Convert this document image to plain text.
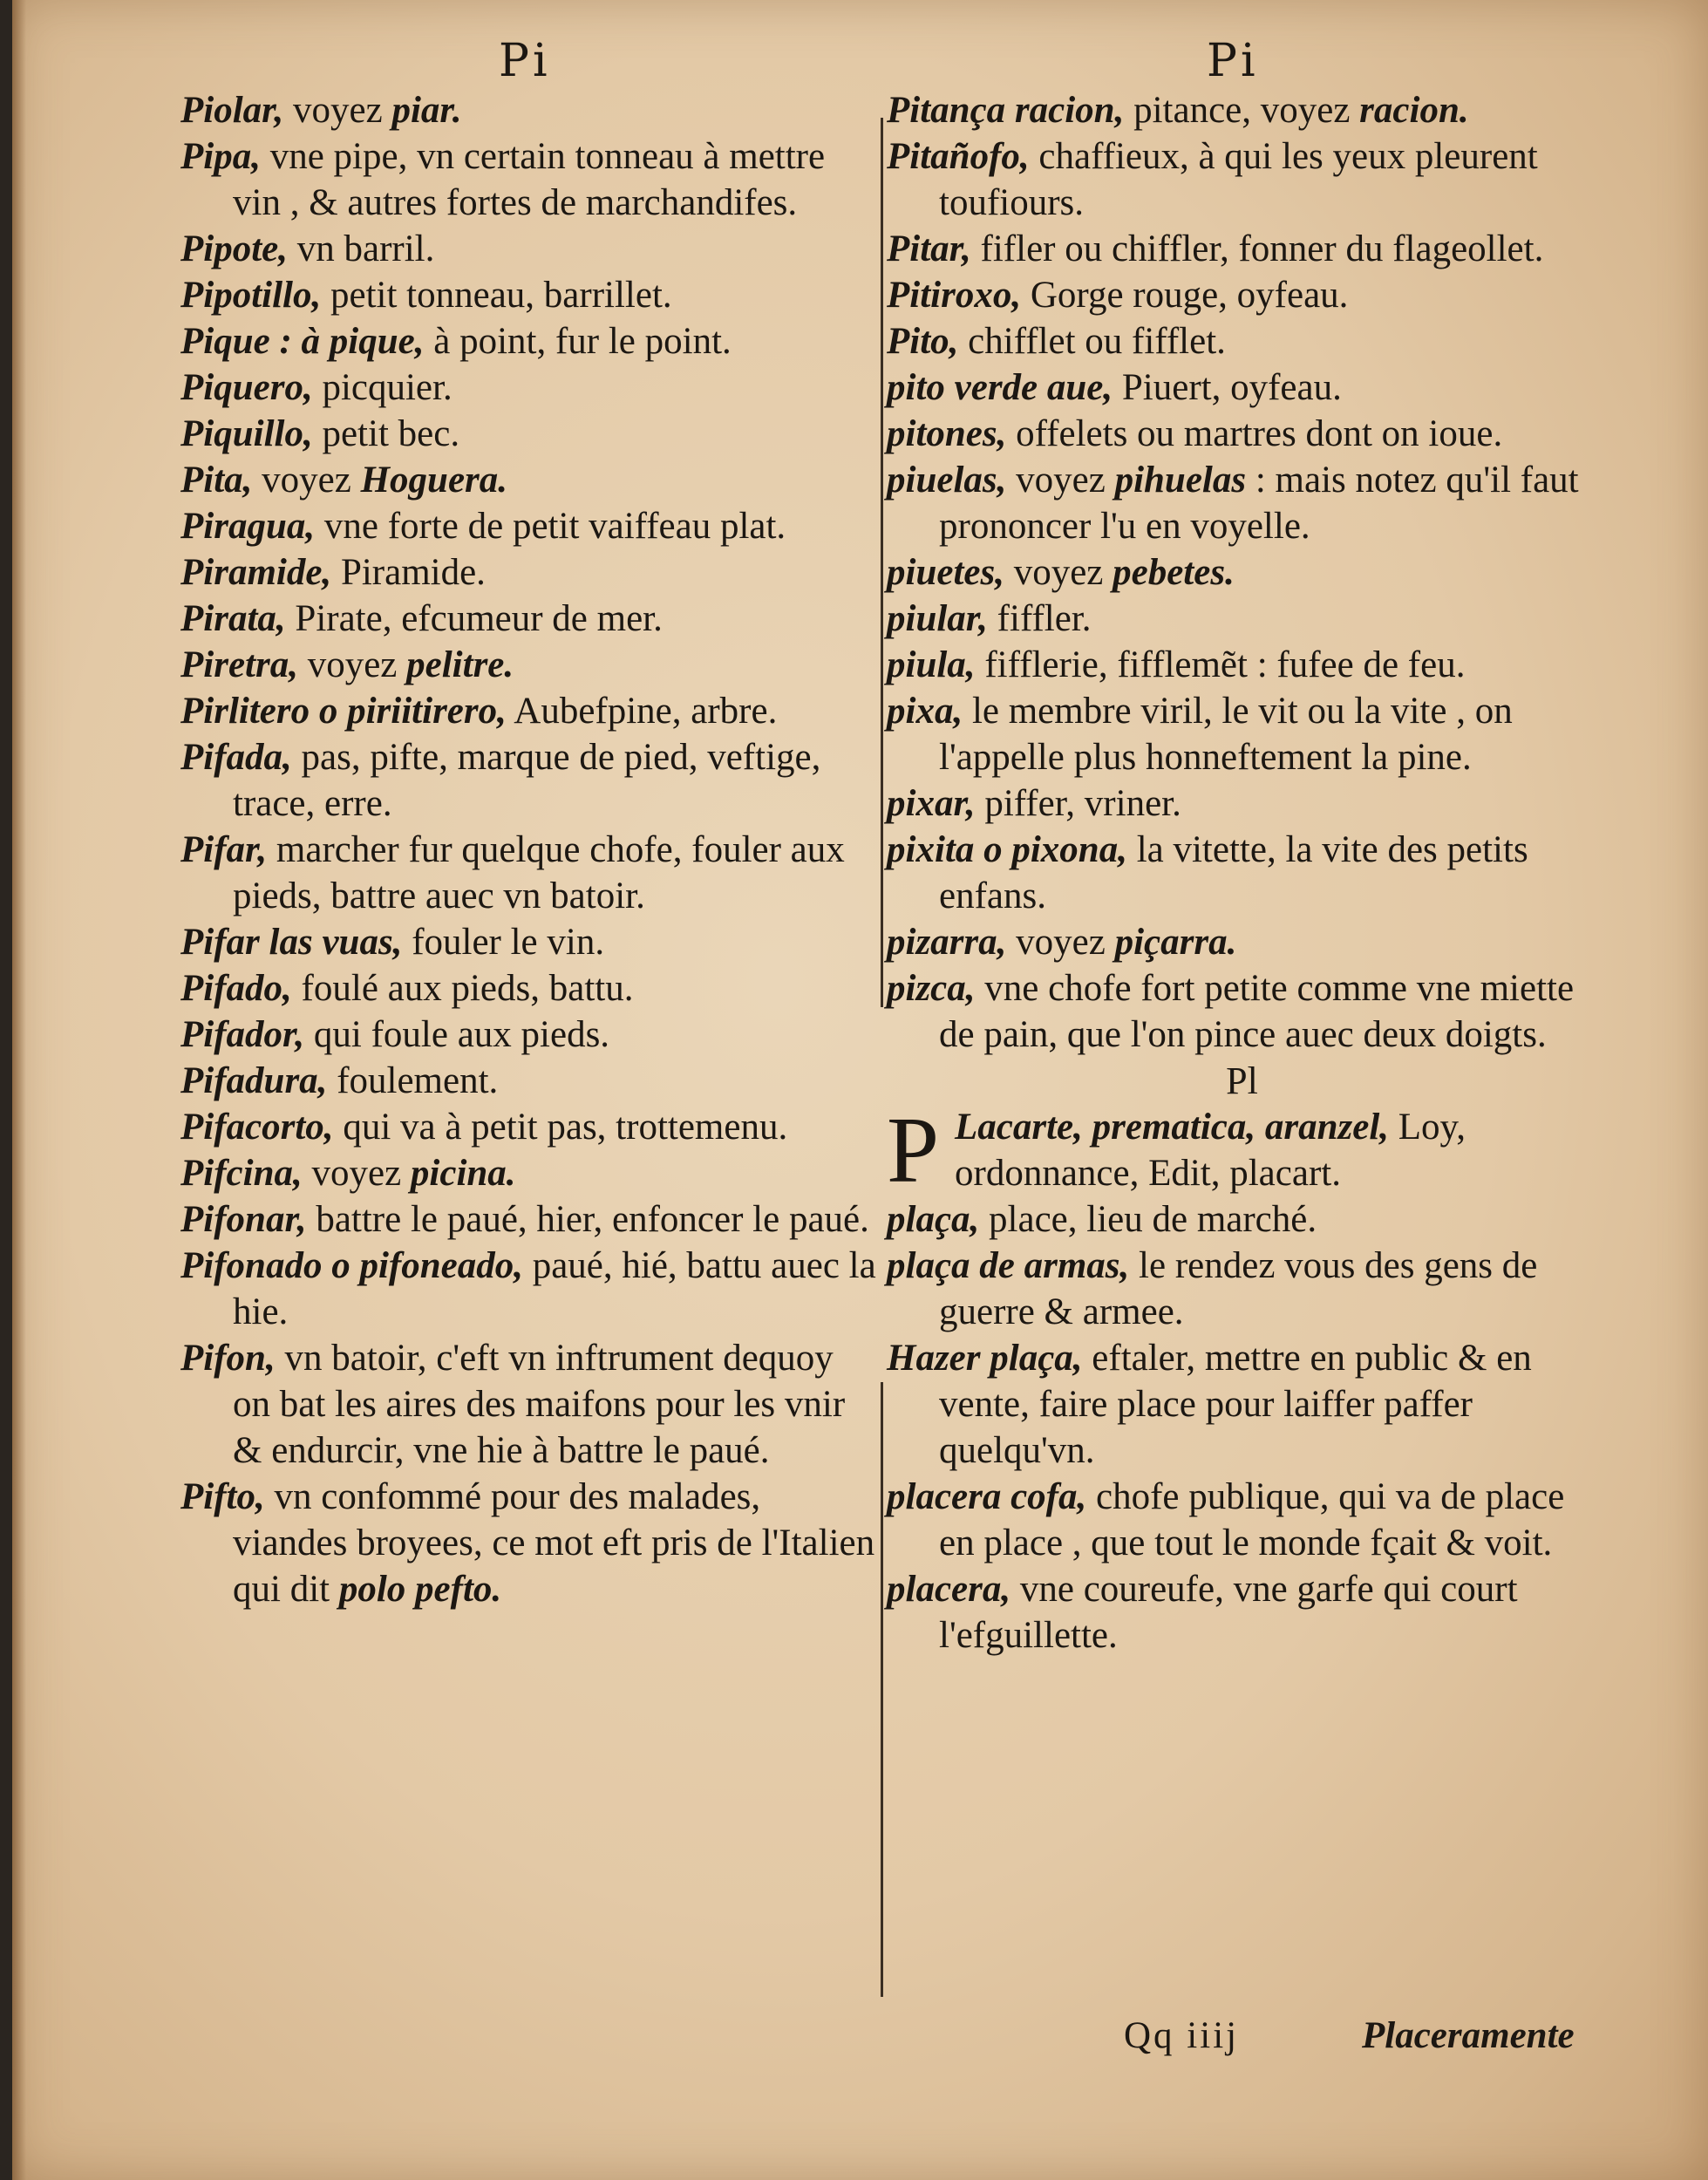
Pi	Pi
Piolar, voyez piar.
Pipa, vne pipe, vn certain tonneau à mettre vin , & autres fortes de marchandifes.
Pipote, vn barril.
Pipotillo, petit tonneau, barrillet.
Pique : à pique, à point, fur le point.
Piquero, picquier.
Piquillo, petit bec.
Pita, voyez Hoguera.
Piragua, vne forte de petit vaiffeau plat.
Piramide, Piramide.
Pirata, Pirate, efcumeur de mer.
Piretra, voyez pelitre.
Pirlitero o piriitirero, Aubefpine, arbre.
Pifada, pas, pifte, marque de pied, veftige, trace, erre.
Pifar, marcher fur quelque chofe, fouler aux pieds, battre auec vn batoir.
Pifar las vuas, fouler le vin.
Pifado, foulé aux pieds, battu.
Pifador, qui foule aux pieds.
Pifadura, foulement.
Pifacorto, qui va à petit pas, trottemenu.
Pifcina, voyez picina.
Pifonar, battre le paué, hier, enfoncer le paué.
Pifonado o pifoneado, paué, hié, battu auec la hie.
Pifon, vn batoir, c'eft vn inftrument dequoy on bat les aires des maifons pour les vnir & endurcir, vne hie à battre le paué.
Pifto, vn confommé pour des malades, viandes broyees, ce mot eft pris de l'Italien qui dit polo pefto.
Pitança racion, pitance, voyez racion.
Pitañofo, chaffieux, à qui les yeux pleurent toufiours.
Pitar, fifler ou chiffler, fonner du flageollet.
Pitiroxo, Gorge rouge, oyfeau.
Pito, chifflet ou fifflet.
pito verde aue, Piuert, oyfeau.
pitones, offelets ou martres dont on ioue.
piuelas, voyez pihuelas : mais notez qu'il faut prononcer l'u en voyelle.
piuetes, voyez pebetes.
piular, fiffler.
piula, fifflerie, fifflemẽt : fufee de feu.
pixa, le membre viril, le vit ou la vite , on l'appelle plus honneftement la pine.
pixar, piffer, vriner.
pixita o pixona, la vitette, la vite des petits enfans.
pizarra, voyez piçarra.
pizca, vne chofe fort petite comme vne miette de pain, que l'on pince auec deux doigts.
Pl
P Lacarte, prematica, aranzel, Loy, ordonnance, Edit, placart.
plaça, place, lieu de marché.
plaça de armas, le rendez vous des gens de guerre & armee.
Hazer plaça, eftaler, mettre en public & en vente, faire place pour laiffer paffer quelqu'vn.
placera cofa, chofe publique, qui va de place en place , que tout le monde fçait & voit.
placera, vne coureufe, vne garfe qui court l'efguillette.
Qq iiij	Placeramente
